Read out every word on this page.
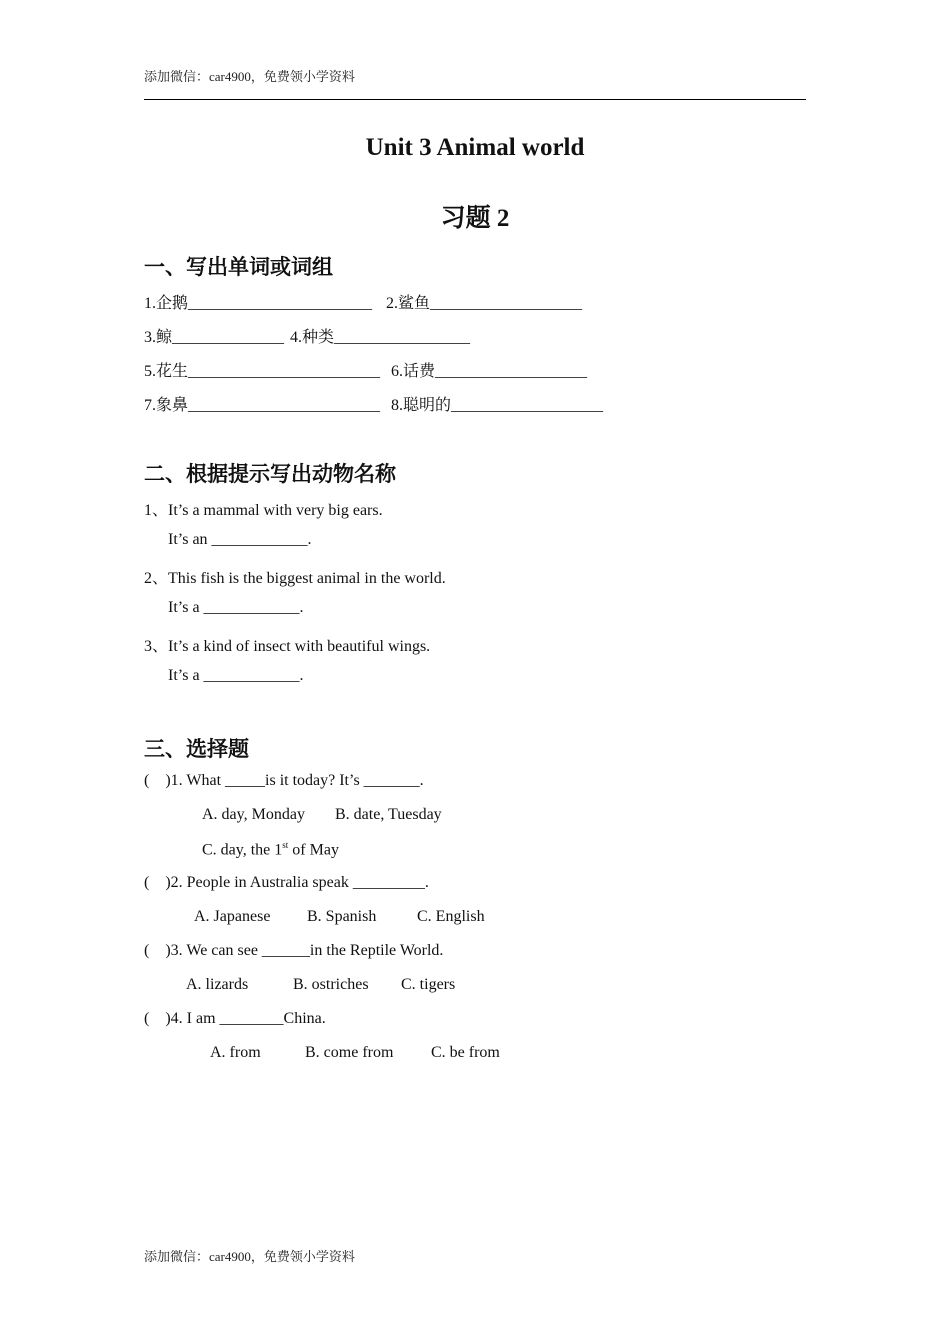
添加微信：car4900，免费领小学资料
Unit 3 Animal world
习题 2
一、写出单词或词组
1.企鹅_______________________ 2.鲨鱼___________________
3.鲸______________ 4.种类_________________
5.花生________________________ 6.话费___________________
7.象鼻________________________ 8.聪明的___________________
二、根据提示写出动物名称
1、It’s a mammal with very big ears.
It’s an ____________.
2、This fish is the biggest animal in the world.
It’s a ____________.
3、It’s a kind of insect with beautiful wings.
It’s a ____________.
三、选择题
(    )1. What _____is it today? It’s _______.
A. day, Monday B. date, Tuesday
C. day, the 1st of May
(    )2. People in Australia speak _________.
A. Japanese B. Spanish	C. English
(    )3. We can see ______in the Reptile World.
A. lizards	B. ostriches C. tigers
(    )4. I am ________China.
A. from	B. come from C. be from
添加微信：car4900，免费领小学资料
